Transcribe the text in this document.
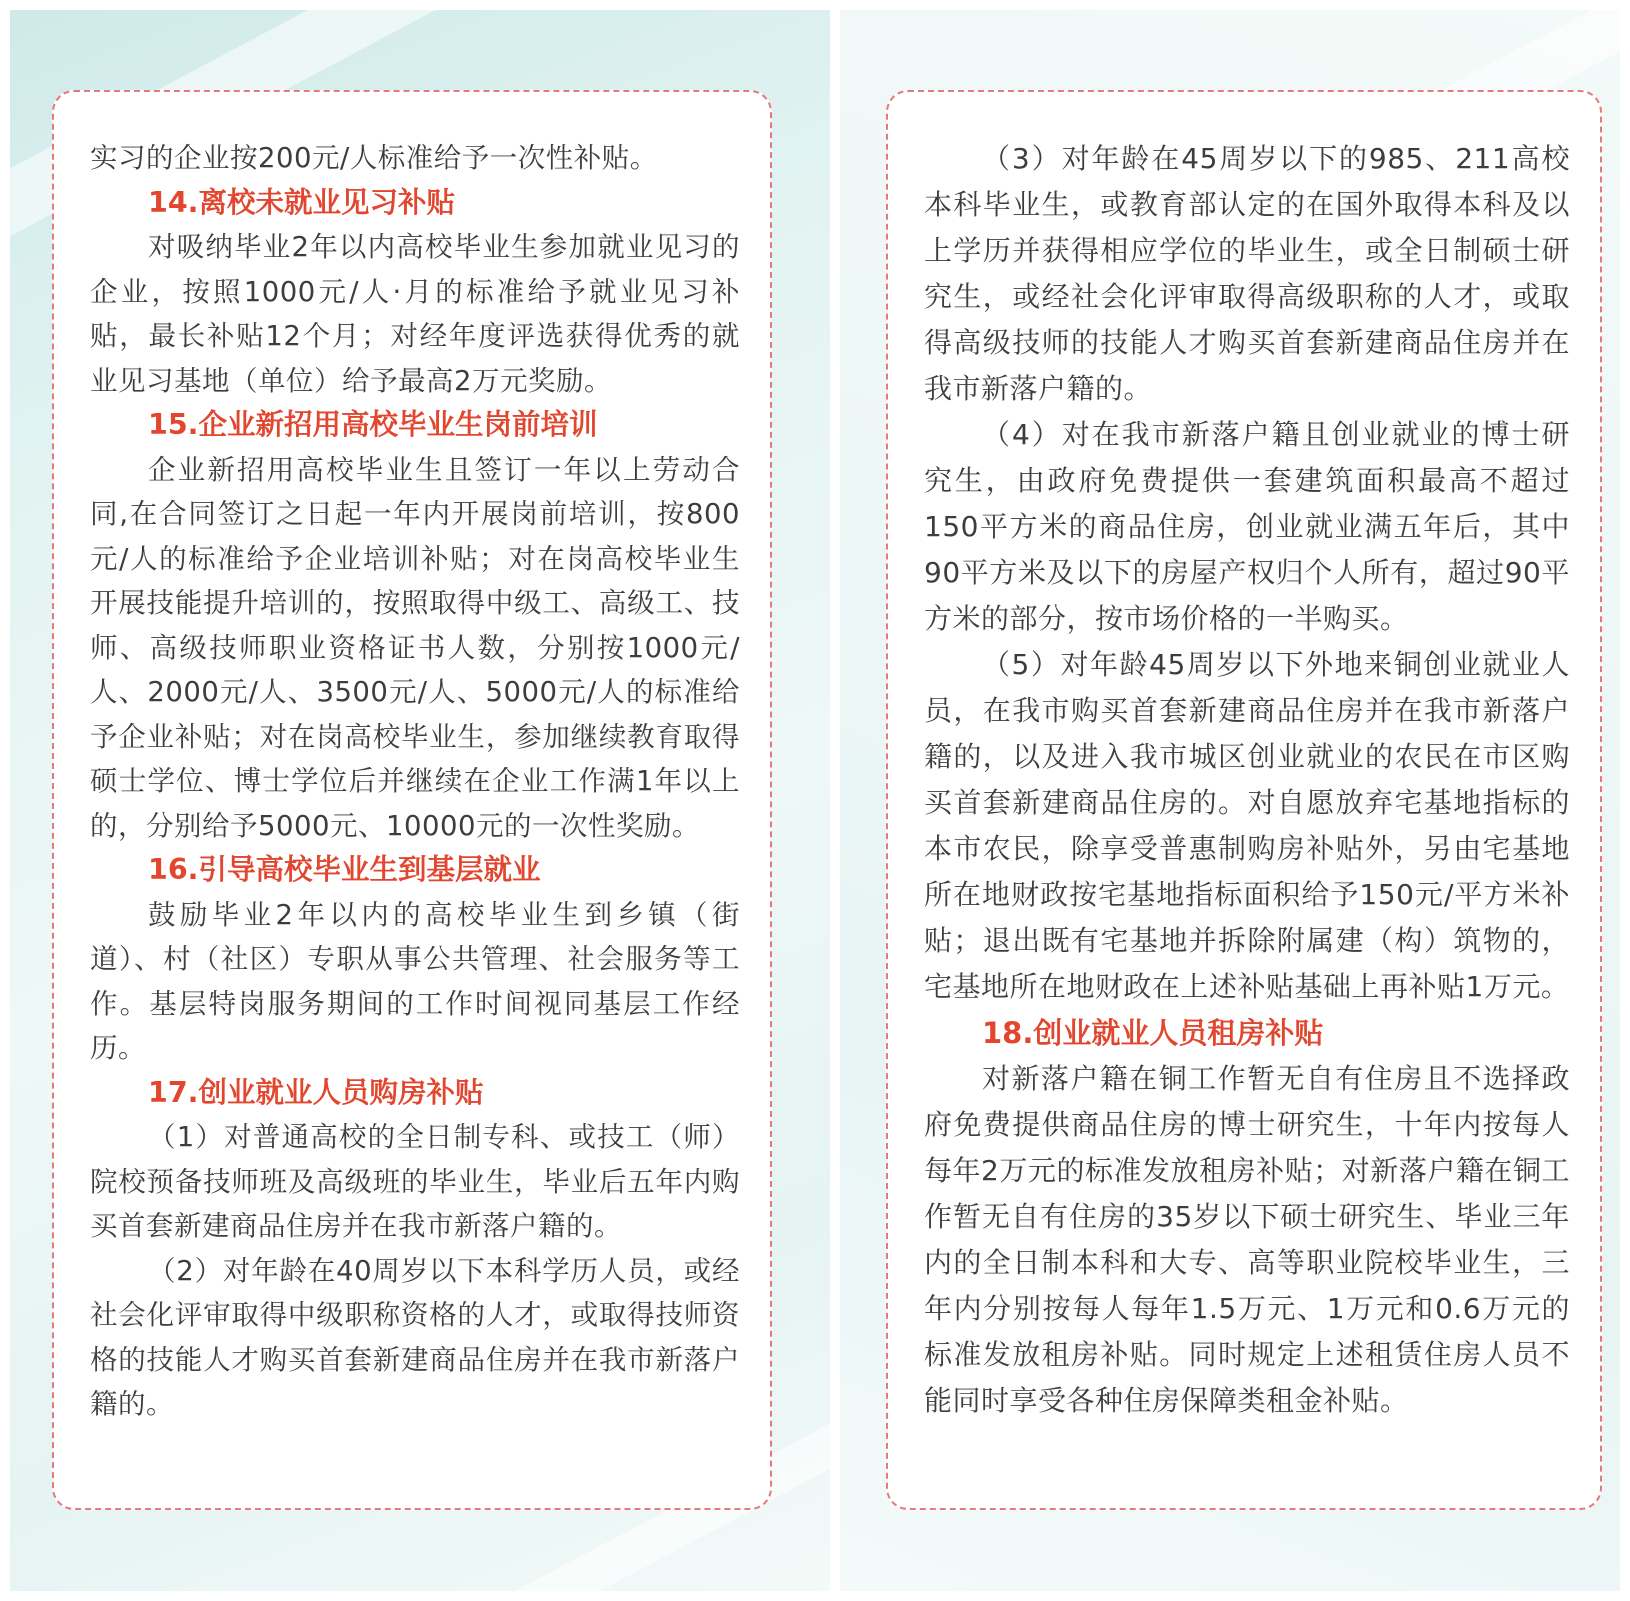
实习的企业按200元/人标准给予一次性补贴。

14.离校未就业见习补贴

对吸纳毕业2年以内高校毕业生参加就业见习的企业，按照1000元/人·月的标准给予就业见习补贴，最长补贴12个月；对经年度评选获得优秀的就业见习基地（单位）给予最高2万元奖励。

15.企业新招用高校毕业生岗前培训

企业新招用高校毕业生且签订一年以上劳动合同,在合同签订之日起一年内开展岗前培训，按800元/人的标准给予企业培训补贴；对在岗高校毕业生开展技能提升培训的，按照取得中级工、高级工、技师、高级技师职业资格证书人数，分别按1000元/人、2000元/人、3500元/人、5000元/人的标准给予企业补贴；对在岗高校毕业生，参加继续教育取得硕士学位、博士学位后并继续在企业工作满1年以上的，分别给予5000元、10000元的一次性奖励。

16.引导高校毕业生到基层就业

鼓励毕业2年以内的高校毕业生到乡镇（街道）、村（社区）专职从事公共管理、社会服务等工作。基层特岗服务期间的工作时间视同基层工作经历。

17.创业就业人员购房补贴

（1）对普通高校的全日制专科、或技工（师）院校预备技师班及高级班的毕业生，毕业后五年内购买首套新建商品住房并在我市新落户籍的。

（2）对年龄在40周岁以下本科学历人员，或经社会化评审取得中级职称资格的人才，或取得技师资格的技能人才购买首套新建商品住房并在我市新落户籍的。

（3）对年龄在45周岁以下的985、211高校本科毕业生，或教育部认定的在国外取得本科及以上学历并获得相应学位的毕业生，或全日制硕士研究生，或经社会化评审取得高级职称的人才，或取得高级技师的技能人才购买首套新建商品住房并在我市新落户籍的。

（4）对在我市新落户籍且创业就业的博士研究生，由政府免费提供一套建筑面积最高不超过150平方米的商品住房，创业就业满五年后，其中90平方米及以下的房屋产权归个人所有，超过90平方米的部分，按市场价格的一半购买。

（5）对年龄45周岁以下外地来铜创业就业人员，在我市购买首套新建商品住房并在我市新落户籍的，以及进入我市城区创业就业的农民在市区购买首套新建商品住房的。对自愿放弃宅基地指标的本市农民，除享受普惠制购房补贴外，另由宅基地所在地财政按宅基地指标面积给予150元/平方米补贴；退出既有宅基地并拆除附属建（构）筑物的，宅基地所在地财政在上述补贴基础上再补贴1万元。

18.创业就业人员租房补贴

对新落户籍在铜工作暂无自有住房且不选择政府免费提供商品住房的博士研究生，十年内按每人每年2万元的标准发放租房补贴；对新落户籍在铜工作暂无自有住房的35岁以下硕士研究生、毕业三年内的全日制本科和大专、高等职业院校毕业生，三年内分别按每人每年1.5万元、1万元和0.6万元的标准发放租房补贴。同时规定上述租赁住房人员不能同时享受各种住房保障类租金补贴。
